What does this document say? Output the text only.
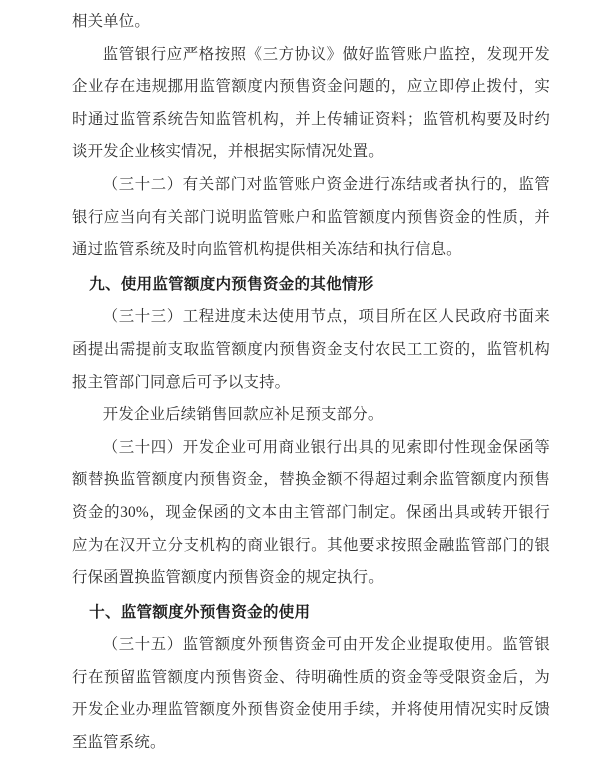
相关单位。

监管银行应严格按照《三方协议》做好监管账户监控，发现开发企业存在违规挪用监管额度内预售资金问题的，应立即停止拨付，实时通过监管系统告知监管机构，并上传辅证资料；监管机构要及时约谈开发企业核实情况，并根据实际情况处置。

（三十二）有关部门对监管账户资金进行冻结或者执行的，监管银行应当向有关部门说明监管账户和监管额度内预售资金的性质，并通过监管系统及时向监管机构提供相关冻结和执行信息。

九、使用监管额度内预售资金的其他情形

（三十三）工程进度未达使用节点，项目所在区人民政府书面来函提出需提前支取监管额度内预售资金支付农民工工资的，监管机构报主管部门同意后可予以支持。

开发企业后续销售回款应补足预支部分。

（三十四）开发企业可用商业银行出具的见索即付性现金保函等额替换监管额度内预售资金，替换金额不得超过剩余监管额度内预售资金的30%，现金保函的文本由主管部门制定。保函出具或转开银行应为在汉开立分支机构的商业银行。其他要求按照金融监管部门的银行保函置换监管额度内预售资金的规定执行。

十、监管额度外预售资金的使用

（三十五）监管额度外预售资金可由开发企业提取使用。监管银行在预留监管额度内预售资金、待明确性质的资金等受限资金后，为开发企业办理监管额度外预售资金使用手续，并将使用情况实时反馈至监管系统。
